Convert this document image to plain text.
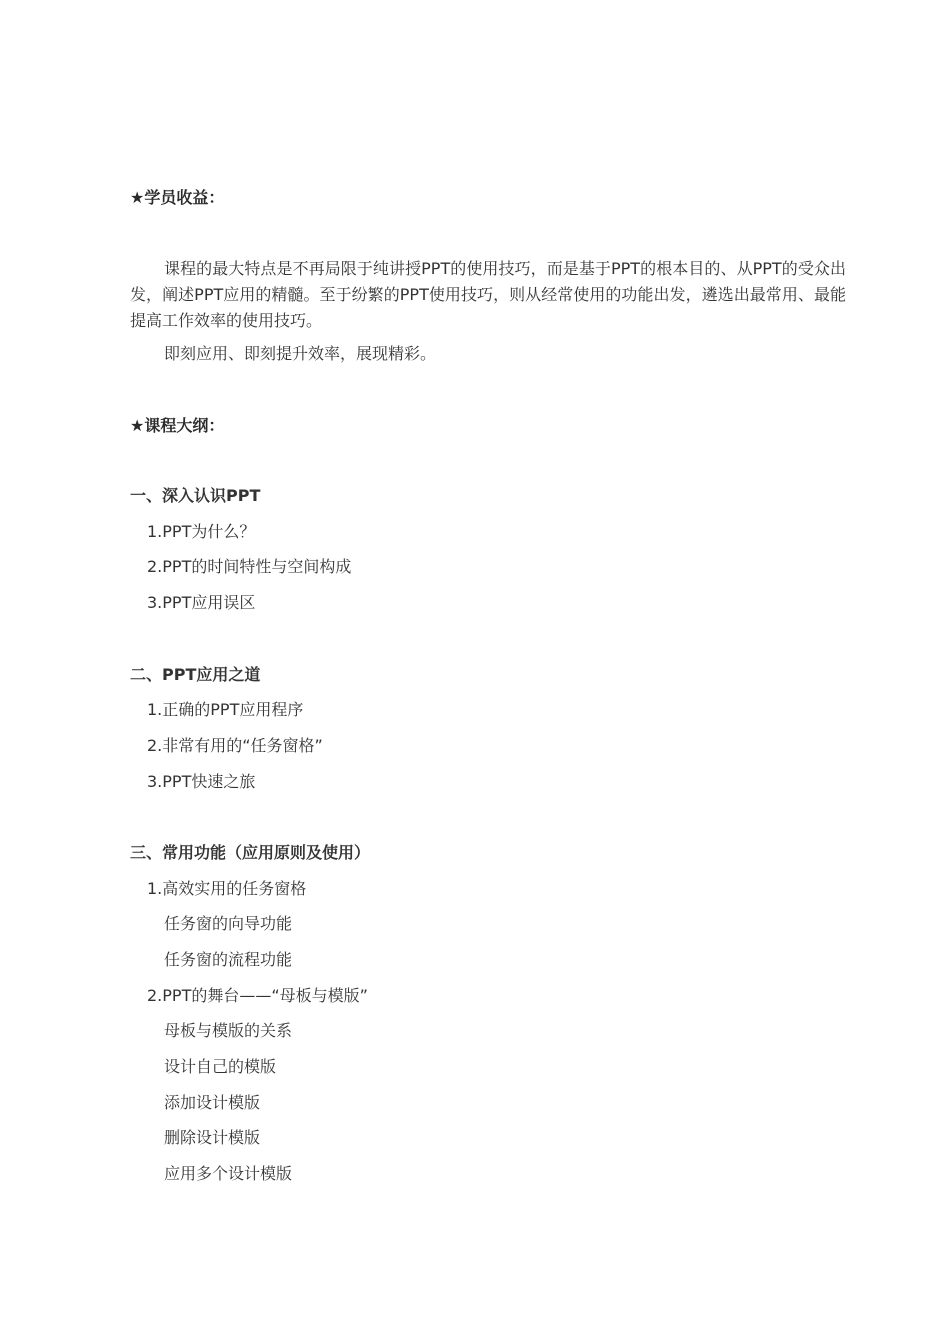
★学员收益：
课程的最大特点是不再局限于纯讲授PPT的使用技巧，而是基于PPT的根本目的、从PPT的受众出发，阐述PPT应用的精髓。至于纷繁的PPT使用技巧，则从经常使用的功能出发，遴选出最常用、最能提高工作效率的使用技巧。
即刻应用、即刻提升效率，展现精彩。
★课程大纲：
一、深入认识PPT
1.PPT为什么？
2.PPT的时间特性与空间构成
3.PPT应用误区
二、PPT应用之道
1.正确的PPT应用程序
2.非常有用的“任务窗格”
3.PPT快速之旅
三、常用功能（应用原则及使用）
1.高效实用的任务窗格
任务窗的向导功能
任务窗的流程功能
2.PPT的舞台——“母板与模版”
母板与模版的关系
设计自己的模版
添加设计模版
删除设计模版
应用多个设计模版
